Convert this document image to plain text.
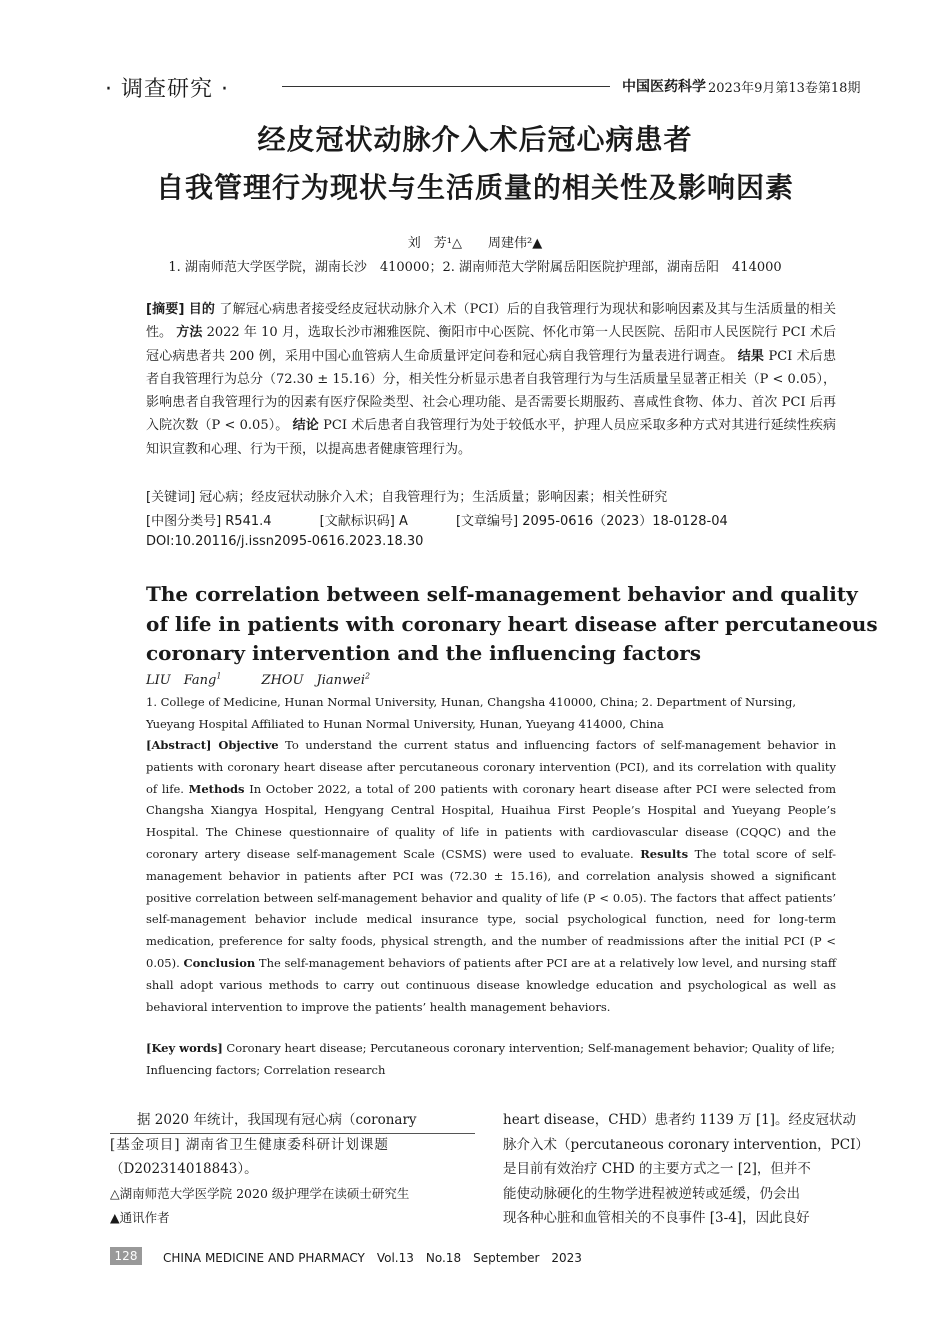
· 调查研究 ·	中国医药科学 2023年9月第13卷第18期
经皮冠状动脉介入术后冠心病患者
自我管理行为现状与生活质量的相关性及影响因素
刘　芳¹△　　周建伟²▲
1. 湖南师范大学医学院，湖南长沙　410000；2. 湖南师范大学附属岳阳医院护理部，湖南岳阳　414000
[摘要] 目的 了解冠心病患者接受经皮冠状动脉介入术（PCI）后的自我管理行为现状和影响因素及其与生活质量的相关性。 方法 2022 年 10 月，选取长沙市湘雅医院、衡阳市中心医院、怀化市第一人民医院、岳阳市人民医院行 PCI 术后冠心病患者共 200 例，采用中国心血管病人生命质量评定问卷和冠心病自我管理行为量表进行调查。 结果 PCI 术后患者自我管理行为总分（72.30 ± 15.16）分，相关性分析显示患者自我管理行为与生活质量呈显著正相关（P < 0.05），影响患者自我管理行为的因素有医疗保险类型、社会心理功能、是否需要长期服药、喜咸性食物、体力、首次 PCI 后再入院次数（P < 0.05）。 结论 PCI 术后患者自我管理行为处于较低水平，护理人员应采取多种方式对其进行延续性疾病知识宣教和心理、行为干预，以提高患者健康管理行为。
[关键词] 冠心病；经皮冠状动脉介入术；自我管理行为；生活质量；影响因素；相关性研究
[中图分类号] R541.4	[文献标识码] A	[文章编号] 2095-0616（2023）18-0128-04
DOI:10.20116/j.issn2095-0616.2023.18.30
The correlation between self-management behavior and quality
of life in patients with coronary heart disease after percutaneous
coronary intervention and the influencing factors
LIU　Fang$^1$	ZHOU　Jianwei$^2$
1. College of Medicine, Hunan Normal University, Hunan, Changsha 410000, China; 2. Department of Nursing, Yueyang Hospital Affiliated to Hunan Normal University, Hunan, Yueyang 414000, China
[Abstract] Objective To understand the current status and influencing factors of self-management behavior in patients with coronary heart disease after percutaneous coronary intervention (PCI), and its correlation with quality of life. Methods In October 2022, a total of 200 patients with coronary heart disease after PCI were selected from Changsha Xiangya Hospital, Hengyang Central Hospital, Huaihua First People’s Hospital and Yueyang People’s Hospital. The Chinese questionnaire of quality of life in patients with cardiovascular disease (CQQC) and the coronary artery disease self-management Scale (CSMS) were used to evaluate. Results The total score of self-management behavior in patients after PCI was (72.30 ± 15.16), and correlation analysis showed a significant positive correlation between self-management behavior and quality of life (P < 0.05). The factors that affect patients’ self-management behavior include medical insurance type, social psychological function, need for long-term medication, preference for salty foods, physical strength, and the number of readmissions after the initial PCI (P < 0.05). Conclusion The self-management behaviors of patients after PCI are at a relatively low level, and nursing staff shall adopt various methods to carry out continuous disease knowledge education and psychological as well as behavioral intervention to improve the patients’ health management behaviors.
[Key words] Coronary heart disease; Percutaneous coronary intervention; Self-management behavior; Quality of life; Influencing factors; Correlation research
　　据 2020 年统计，我国现有冠心病（coronary
[基金项目] 湖南省卫生健康委科研计划课题
（D202314018843）。
△湖南师范大学医学院 2020 级护理学在读硕士研究生
▲通讯作者
heart disease，CHD）患者约 1139 万 [1]。经皮冠状动
脉介入术（percutaneous coronary intervention，PCI）
是目前有效治疗 CHD 的主要方式之一 [2]，但并不
能使动脉硬化的生物学进程被逆转或延缓，仍会出
现各种心脏和血管相关的不良事件 [3-4]，因此良好
128	CHINA MEDICINE AND PHARMACY　Vol.13　No.18　September　2023
